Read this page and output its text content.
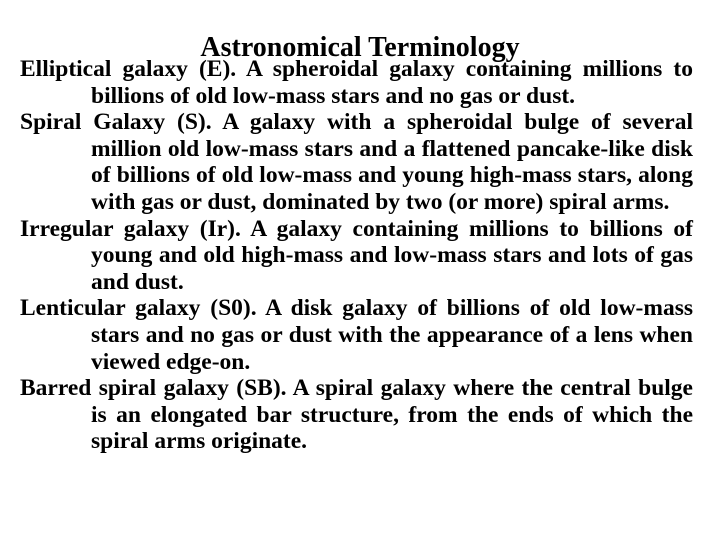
Astronomical Terminology
Elliptical galaxy (E). A spheroidal galaxy containing millions to billions of old low-mass stars and no gas or dust.
Spiral Galaxy (S). A galaxy with a spheroidal bulge of several million old low-mass stars and a flattened pancake-like disk of billions of old low-mass and young high-mass stars, along with gas or dust, dominated by two (or more) spiral arms.
Irregular galaxy (Ir). A galaxy containing millions to billions of young and old high-mass and low-mass stars and lots of gas and dust.
Lenticular galaxy (S0). A disk galaxy of billions of old low-mass stars and no gas or dust with the appearance of a lens when viewed edge-on.
Barred spiral galaxy (SB). A spiral galaxy where the central bulge is an elongated bar structure, from the ends of which the spiral arms originate.
